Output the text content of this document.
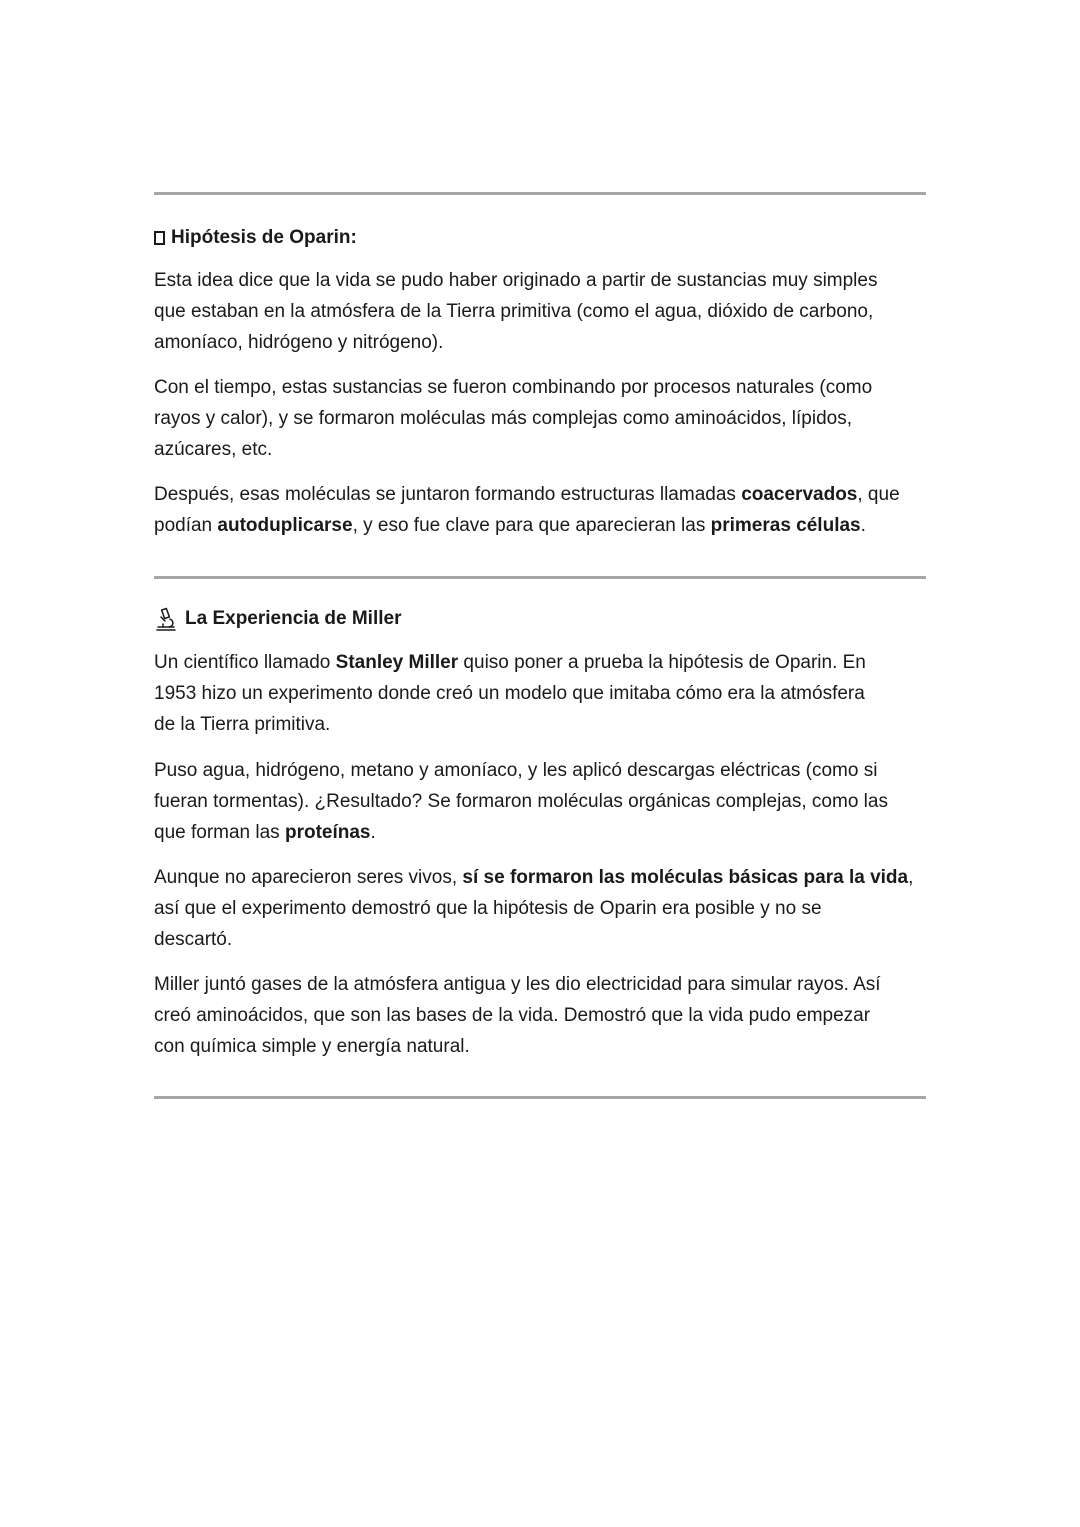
Hipótesis de Oparin:

Esta idea dice que la vida se pudo haber originado a partir de sustancias muy simples
que estaban en la atmósfera de la Tierra primitiva (como el agua, dióxido de carbono,
amoníaco, hidrógeno y nitrógeno).

Con el tiempo, estas sustancias se fueron combinando por procesos naturales (como
rayos y calor), y se formaron moléculas más complejas como aminoácidos, lípidos,
azúcares, etc.

Después, esas moléculas se juntaron formando estructuras llamadas coacervados, que
podían autoduplicarse, y eso fue clave para que aparecieran las primeras células.

La Experiencia de Miller

Un científico llamado Stanley Miller quiso poner a prueba la hipótesis de Oparin. En
1953 hizo un experimento donde creó un modelo que imitaba cómo era la atmósfera
de la Tierra primitiva.

Puso agua, hidrógeno, metano y amoníaco, y les aplicó descargas eléctricas (como si
fueran tormentas). ¿Resultado? Se formaron moléculas orgánicas complejas, como las
que forman las proteínas.

Aunque no aparecieron seres vivos, sí se formaron las moléculas básicas para la vida,
así que el experimento demostró que la hipótesis de Oparin era posible y no se
descartó.

Miller juntó gases de la atmósfera antigua y les dio electricidad para simular rayos. Así
creó aminoácidos, que son las bases de la vida. Demostró que la vida pudo empezar
con química simple y energía natural.
